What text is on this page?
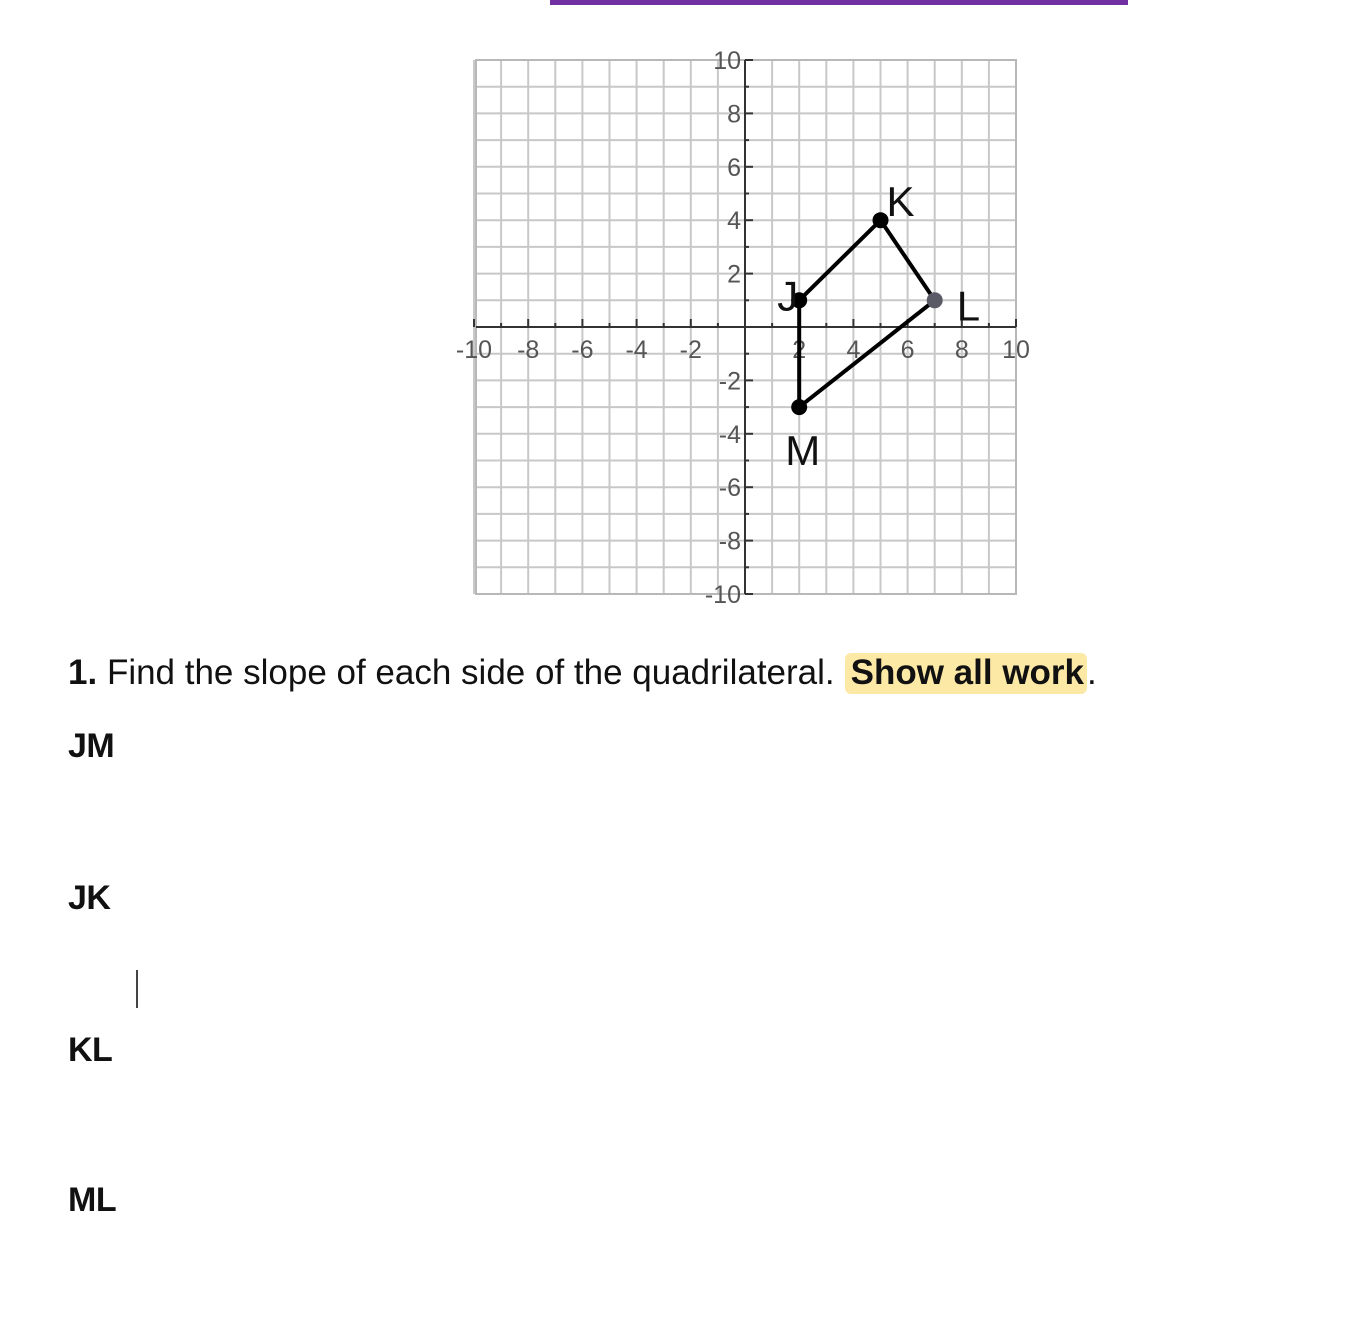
-10 -8 -6 -4 -2	2 4 6 8 10
10
8
6
4
2
-2
-4
-6
-8
-10
J
K
L
M
1. Find the slope of each side of the quadrilateral. Show all work.
JM
JK
KL
ML
